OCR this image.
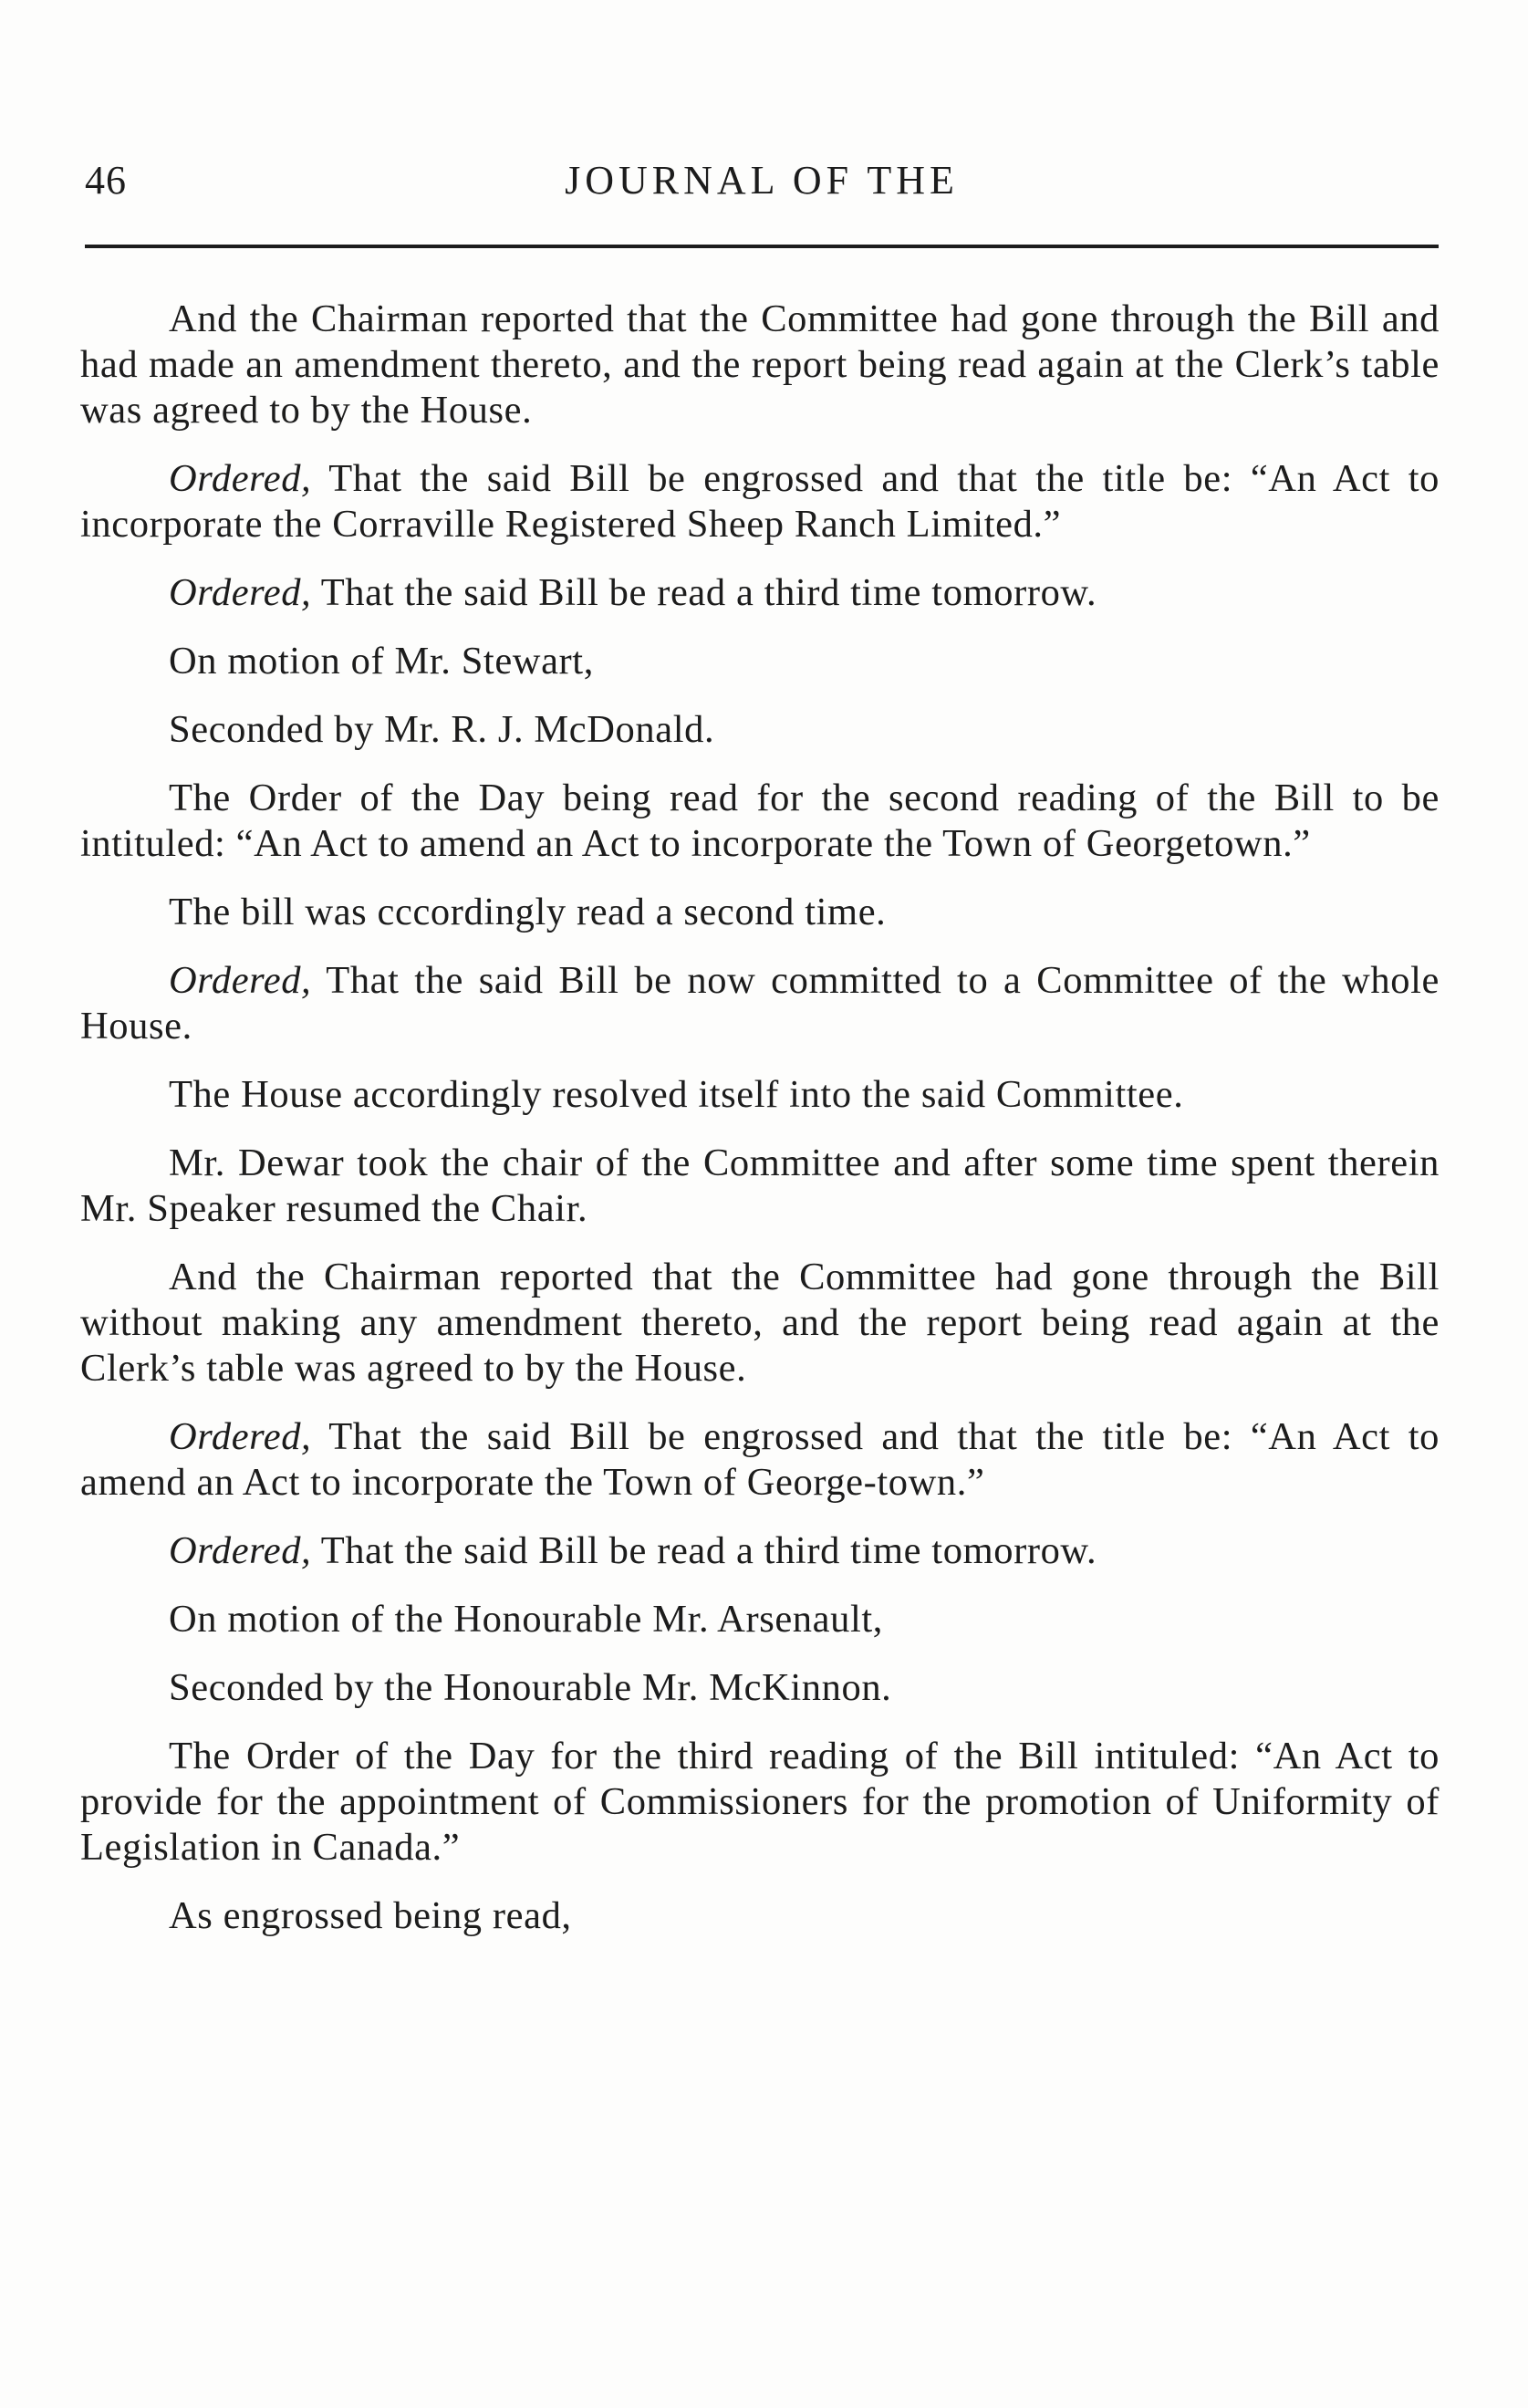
46	JOURNAL OF THE

And the Chairman reported that the Committee had gone through the Bill and had made an amendment thereto, and the report being read again at the Clerk’s table was agreed to by the House.

Ordered, That the said Bill be engrossed and that the title be: “An Act to incorporate the Corraville Registered Sheep Ranch Limited.”

Ordered, That the said Bill be read a third time tomorrow.

On motion of Mr. Stewart,

Seconded by Mr. R. J. McDonald.

The Order of the Day being read for the second reading of the Bill to be intituled: “An Act to amend an Act to incorporate the Town of Georgetown.”

The bill was cccordingly read a second time.

Ordered, That the said Bill be now committed to a Committee of the whole House.

The House accordingly resolved itself into the said Committee.

Mr. Dewar took the chair of the Committee and after some time spent therein Mr. Speaker resumed the Chair.

And the Chairman reported that the Committee had gone through the Bill without making any amendment thereto, and the report being read again at the Clerk’s table was agreed to by the House.

Ordered, That the said Bill be engrossed and that the title be: “An Act to amend an Act to incorporate the Town of George-town.”

Ordered, That the said Bill be read a third time tomorrow.

On motion of the Honourable Mr. Arsenault,

Seconded by the Honourable Mr. McKinnon.

The Order of the Day for the third reading of the Bill intituled: “An Act to provide for the appointment of Commissioners for the promotion of Uniformity of Legislation in Canada.”

As engrossed being read,
